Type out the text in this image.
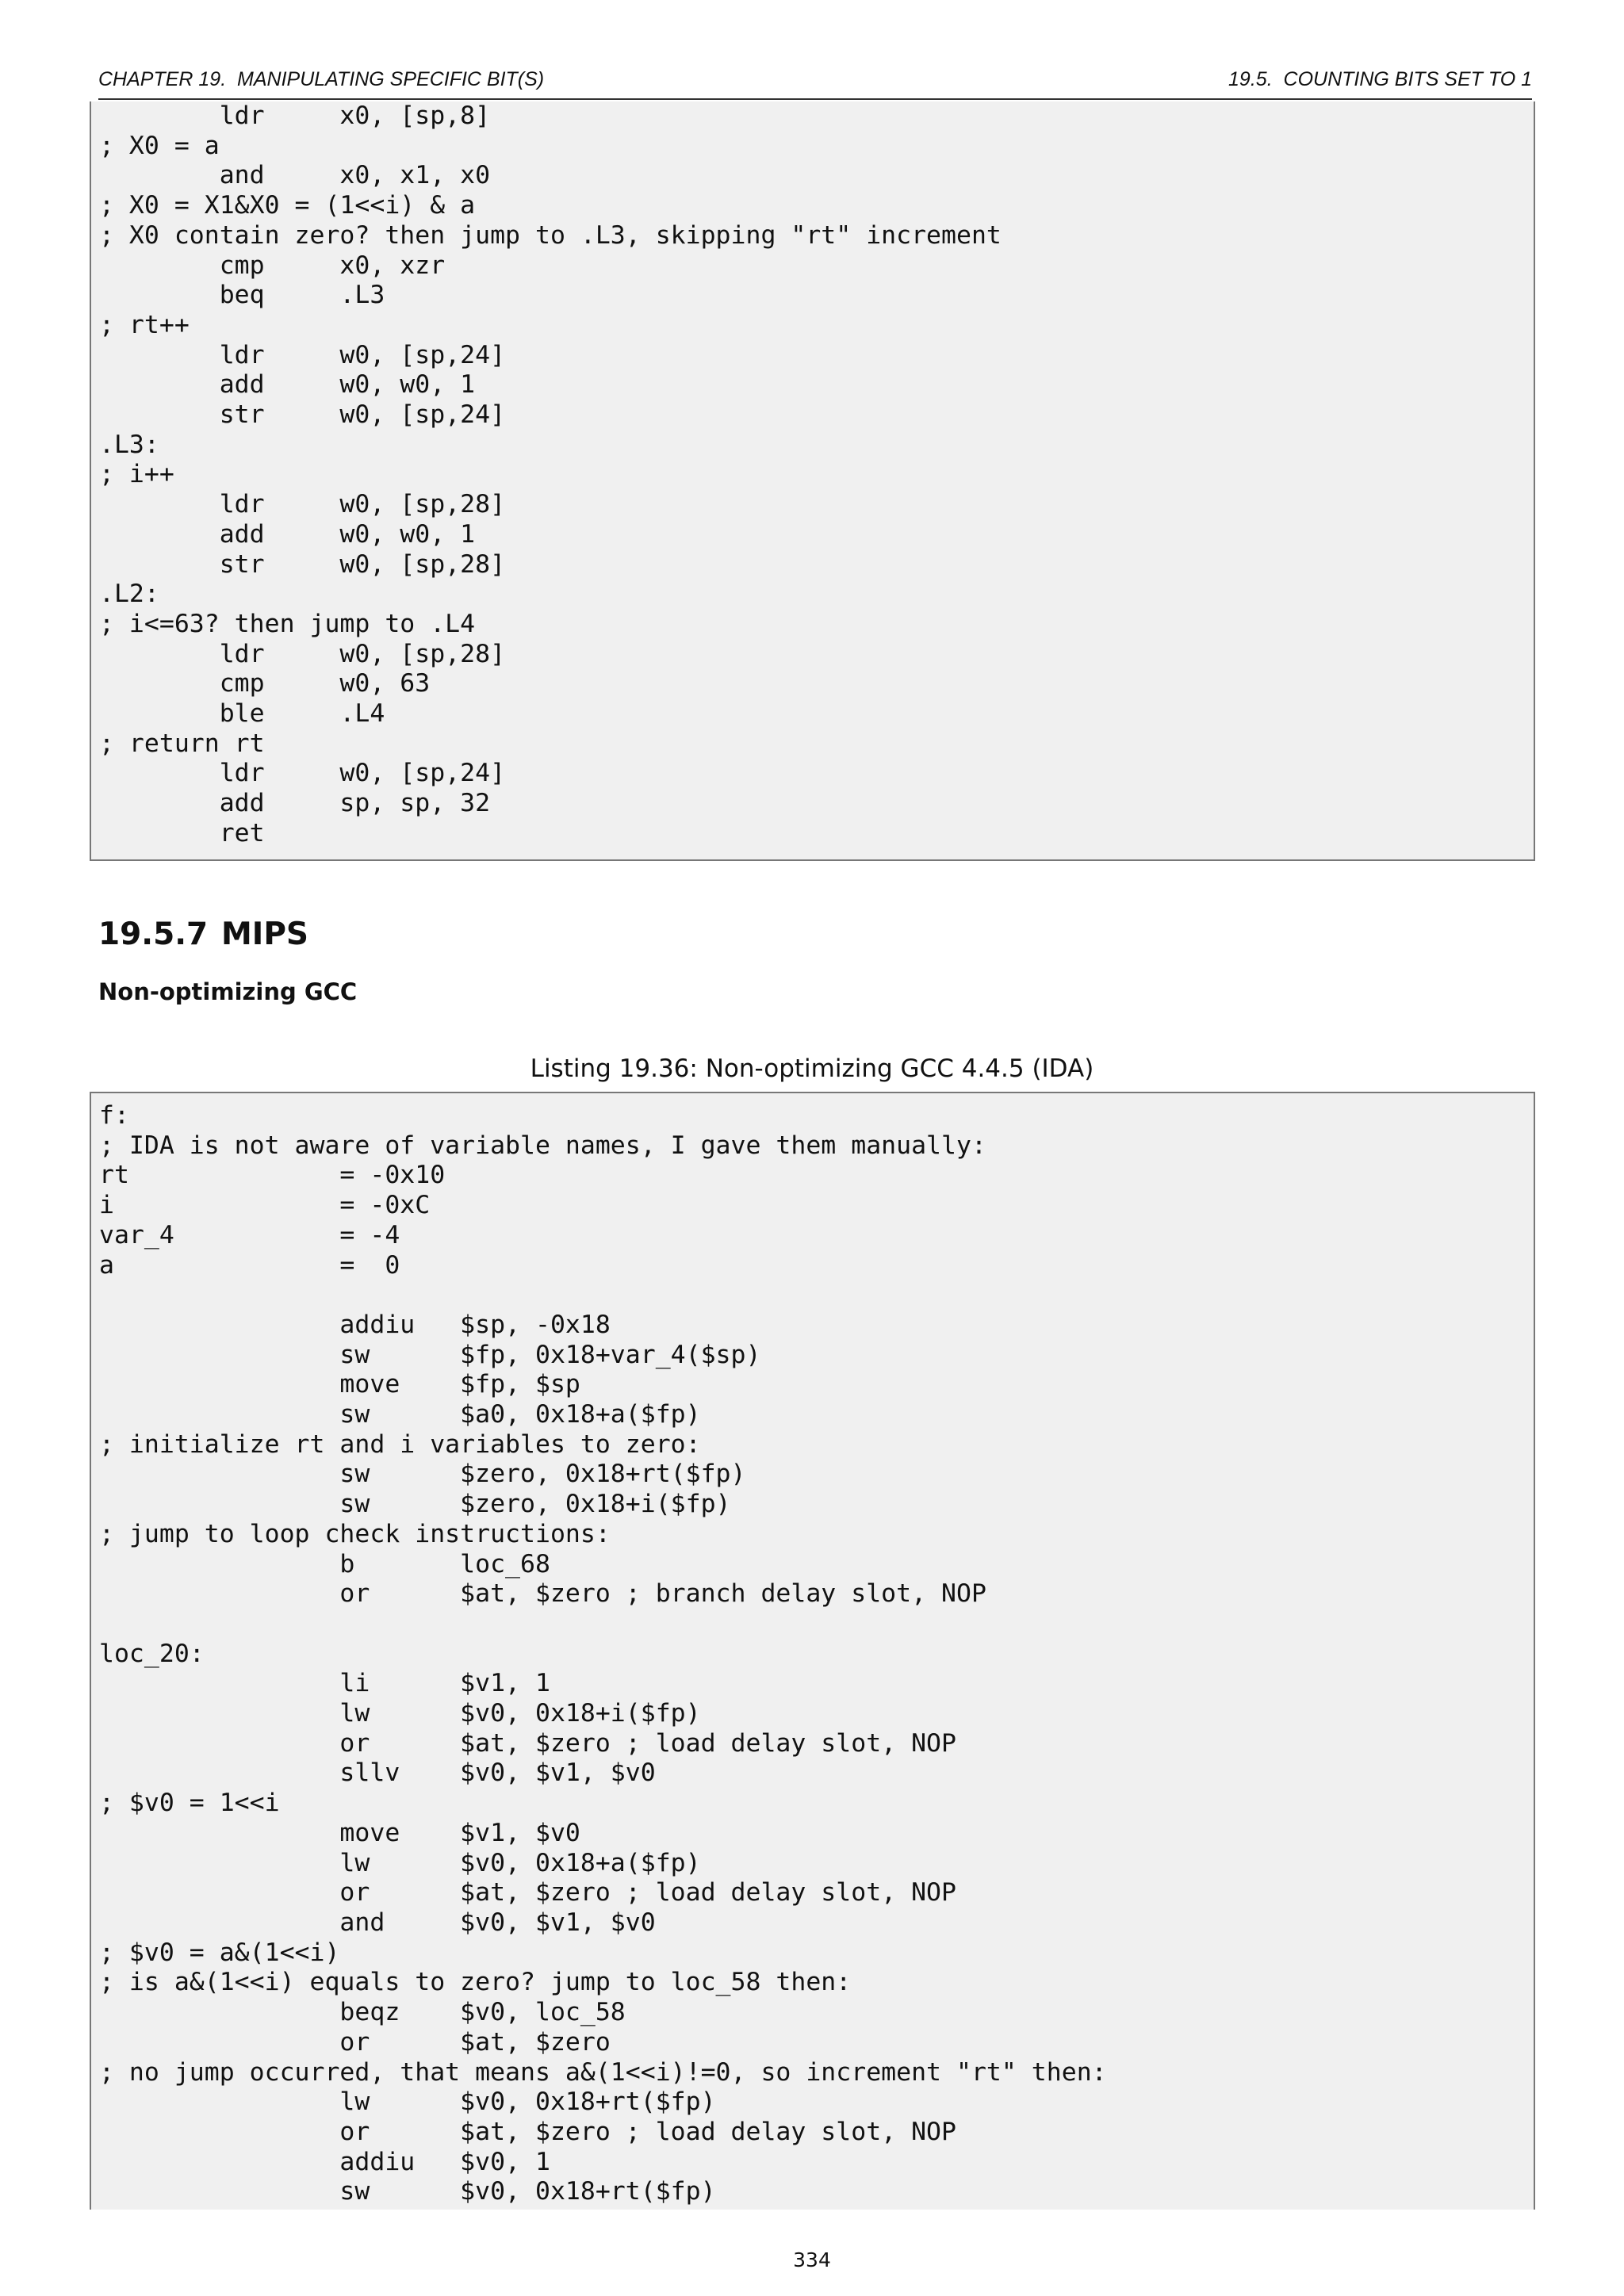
CHAPTER 19.  MANIPULATING SPECIFIC BIT(S)	19.5.  COUNTING BITS SET TO 1
ldr     x0, [sp,8]
; X0 = a
and     x0, x1, x0
; X0 = X1&X0 = (1<<i) & a
; X0 contain zero? then jump to .L3, skipping "rt" increment
cmp     x0, xzr
beq     .L3
; rt++
ldr     w0, [sp,24]
add     w0, w0, 1
str     w0, [sp,24]
.L3:
; i++
ldr     w0, [sp,28]
add     w0, w0, 1
str     w0, [sp,28]
.L2:
; i<=63? then jump to .L4
ldr     w0, [sp,28]
cmp     w0, 63
ble     .L4
; return rt
ldr     w0, [sp,24]
add     sp, sp, 32
ret
19.5.7 MIPS
Non-optimizing GCC
Listing 19.36: Non-optimizing GCC 4.4.5 (IDA)
f:
; IDA is not aware of variable names, I gave them manually:
rt              = -0x10
i               = -0xC
var_4           = -4
a               =  0

addiu   $sp, -0x18
sw      $fp, 0x18+var_4($sp)
move    $fp, $sp
sw      $a0, 0x18+a($fp)
; initialize rt and i variables to zero:
sw      $zero, 0x18+rt($fp)
sw      $zero, 0x18+i($fp)
; jump to loop check instructions:
b       loc_68
or      $at, $zero ; branch delay slot, NOP

loc_20:
li      $v1, 1
lw      $v0, 0x18+i($fp)
or      $at, $zero ; load delay slot, NOP
sllv    $v0, $v1, $v0
; $v0 = 1<<i
move    $v1, $v0
lw      $v0, 0x18+a($fp)
or      $at, $zero ; load delay slot, NOP
and     $v0, $v1, $v0
; $v0 = a&(1<<i)
; is a&(1<<i) equals to zero? jump to loc_58 then:
beqz    $v0, loc_58
or      $at, $zero
; no jump occurred, that means a&(1<<i)!=0, so increment "rt" then:
lw      $v0, 0x18+rt($fp)
or      $at, $zero ; load delay slot, NOP
addiu   $v0, 1
sw      $v0, 0x18+rt($fp)
334
